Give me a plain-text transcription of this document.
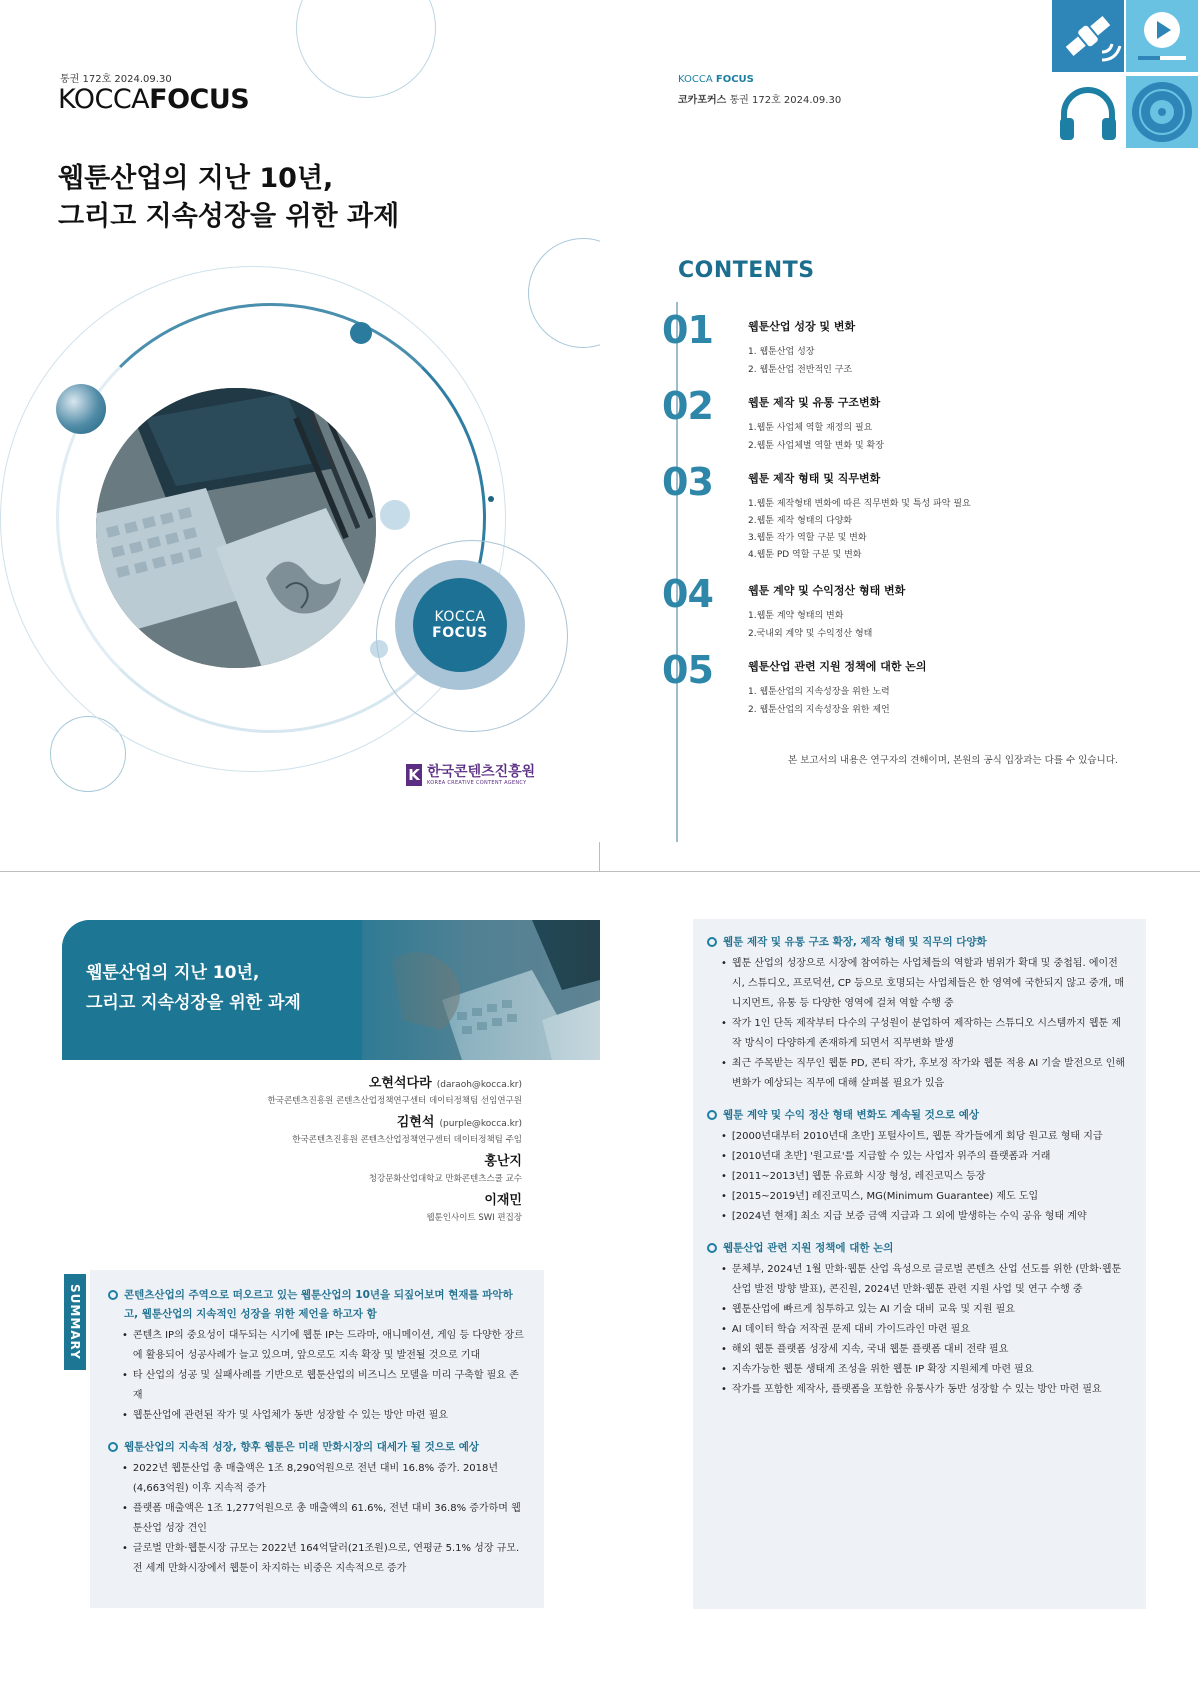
통권 172호 2024.09.30
KOCCAFOCUS
웹툰산업의 지난 10년,
그리고 지속성장을 위한 과제
KOCCA
FOCUS
K 한국콘텐츠진흥원
KOREA CREATIVE CONTENT AGENCY
KOCCA FOCUS
코카포커스 통권 172호 2024.09.30
CONTENTS
01	웹툰산업 성장 및 변화
1. 웹툰산업 성장
2. 웹툰산업 전반적인 구조
02	웹툰 제작 및 유통 구조변화
1.웹툰 사업체 역할 재정의 필요
2.웹툰 사업체별 역할 변화 및 확장
03	웹툰 제작 형태 및 직무변화
1.웹툰 제작형태 변화에 따른 직무변화 및 특성 파악 필요
2.웹툰 제작 형태의 다양화
3.웹툰 작가 역할 구분 및 변화
4.웹툰 PD 역할 구분 및 변화
04	웹툰 계약 및 수익정산 형태 변화
1.웹툰 계약 형태의 변화
2.국내외 계약 및 수익정산 형태
05	웹툰산업 관련 지원 정책에 대한 논의
1. 웹툰산업의 지속성장을 위한 노력
2. 웹툰산업의 지속성장을 위한 제언
본 보고서의 내용은 연구자의 견해이며, 본원의 공식 입장과는 다를 수 있습니다.
웹툰산업의 지난 10년,
그리고 지속성장을 위한 과제
오현석다라 (daraoh@kocca.kr)
한국콘텐츠진흥원 콘텐츠산업정책연구센터 데이터정책팀 선임연구원
김현석 (purple@kocca.kr)
한국콘텐츠진흥원 콘텐츠산업정책연구센터 데이터정책팀 주임
홍난지
청강문화산업대학교 만화콘텐츠스쿨 교수
이재민
웹툰인사이트 SWI 편집장
SUMMARY	콘텐츠산업의 주역으로 떠오르고 있는 웹툰산업의 10년을 되짚어보며 현재를 파악하고, 웹툰산업의 지속적인 성장을 위한 제언을 하고자 함
• 콘텐츠 IP의 중요성이 대두되는 시기에 웹툰 IP는 드라마, 애니메이션, 게임 등 다양한 장르에 활용되어 성공사례가 늘고 있으며, 앞으로도 지속 확장 및 발전될 것으로 기대
• 타 산업의 성공 및 실패사례를 기반으로 웹툰산업의 비즈니스 모델을 미리 구축할 필요 존재
• 웹툰산업에 관련된 작가 및 사업체가 동반 성장할 수 있는 방안 마련 필요
웹툰산업의 지속적 성장, 향후 웹툰은 미래 만화시장의 대세가 될 것으로 예상
• 2022년 웹툰산업 총 매출액은 1조 8,290억원으로 전년 대비 16.8% 증가. 2018년 (4,663억원) 이후 지속적 증가
• 플랫폼 매출액은 1조 1,277억원으로 총 매출액의 61.6%, 전년 대비 36.8% 증가하며 웹툰산업 성장 견인
• 글로벌 만화·웹툰시장 규모는 2022년 164억달러(21조원)으로, 연평균 5.1% 성장 규모. 전 세계 만화시장에서 웹툰이 차지하는 비중은 지속적으로 증가
웹툰 제작 및 유통 구조 확장, 제작 형태 및 직무의 다양화
• 웹툰 산업의 성장으로 시장에 참여하는 사업체들의 역할과 범위가 확대 및 중첩됨. 에이전시, 스튜디오, 프로덕션, CP 등으로 호명되는 사업체들은 한 영역에 국한되지 않고 중개, 매니지먼트, 유통 등 다양한 영역에 걸쳐 역할 수행 중
• 작가 1인 단독 제작부터 다수의 구성원이 분업하여 제작하는 스튜디오 시스템까지 웹툰 제작 방식이 다양하게 존재하게 되면서 직무변화 발생
• 최근 주목받는 직무인 웹툰 PD, 콘티 작가, 후보정 작가와 웹툰 적용 AI 기술 발전으로 인해 변화가 예상되는 직무에 대해 살펴볼 필요가 있음
웹툰 계약 및 수익 정산 형태 변화도 계속될 것으로 예상
• [2000년대부터 2010년대 초반] 포털사이트, 웹툰 작가들에게 회당 원고료 형태 지급
• [2010년대 초반] '원고료'를 지급할 수 있는 사업자 위주의 플랫폼과 거래
• [2011~2013년] 웹툰 유료화 시장 형성, 레진코믹스 등장
• [2015~2019년] 레진코믹스, MG(Minimum Guarantee) 제도 도입
• [2024년 현재] 최소 지급 보증 금액 지급과 그 외에 발생하는 수익 공유 형태 계약
웹툰산업 관련 지원 정책에 대한 논의
• 문체부, 2024년 1월 만화·웹툰 산업 육성으로 글로벌 콘텐츠 산업 선도를 위한 (만화·웹툰 산업 발전 방향 발표), 콘진원, 2024년 만화·웹툰 관련 지원 사업 및 연구 수행 중
• 웹툰산업에 빠르게 침투하고 있는 AI 기술 대비 교육 및 지원 필요
• AI 데이터 학습 저작권 문제 대비 가이드라인 마련 필요
• 해외 웹툰 플랫폼 성장세 지속, 국내 웹툰 플랫폼 대비 전략 필요
• 지속가능한 웹툰 생태계 조성을 위한 웹툰 IP 확장 지원체계 마련 필요
• 작가를 포함한 제작사, 플랫폼을 포함한 유통사가 동반 성장할 수 있는 방안 마련 필요
